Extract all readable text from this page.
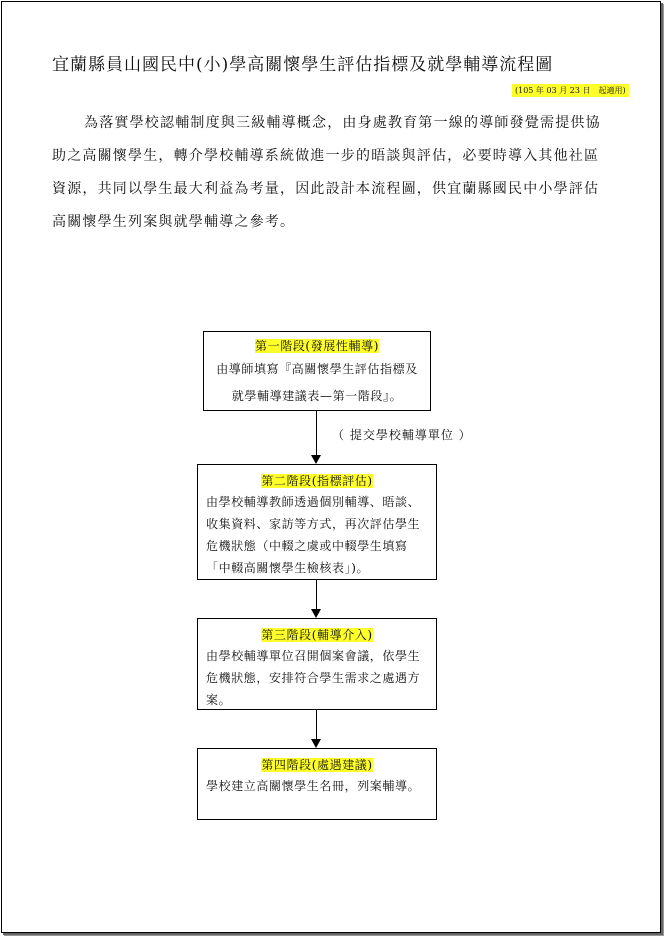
宜蘭縣員山國民中(小)學高關懷學生評估指標及就學輔導流程圖
(105 年 03 月 23 日　起適用)

為落實學校認輔制度與三級輔導概念，由身處教育第一線的導師發覺需提供協
助之高關懷學生，轉介學校輔導系統做進一步的晤談與評估，必要時導入其他社區
資源，共同以學生最大利益為考量，因此設計本流程圖，供宜蘭縣國民中小學評估
高關懷學生列案與就學輔導之參考。

第一階段(發展性輔導)
由導師填寫『高關懷學生評估指標及
就學輔導建議表—第一階段』。
（ 提交學校輔導單位 ）
第二階段(指標評估)
由學校輔導教師透過個別輔導、晤談、
收集資料、家訪等方式，再次評估學生
危機狀態（中輟之虞或中輟學生填寫
「中輟高關懷學生檢核表」)。
第三階段(輔導介入)
由學校輔導單位召開個案會議，依學生
危機狀態，安排符合學生需求之處遇方
案。
第四階段(處遇建議)
學校建立高關懷學生名冊，列案輔導。
